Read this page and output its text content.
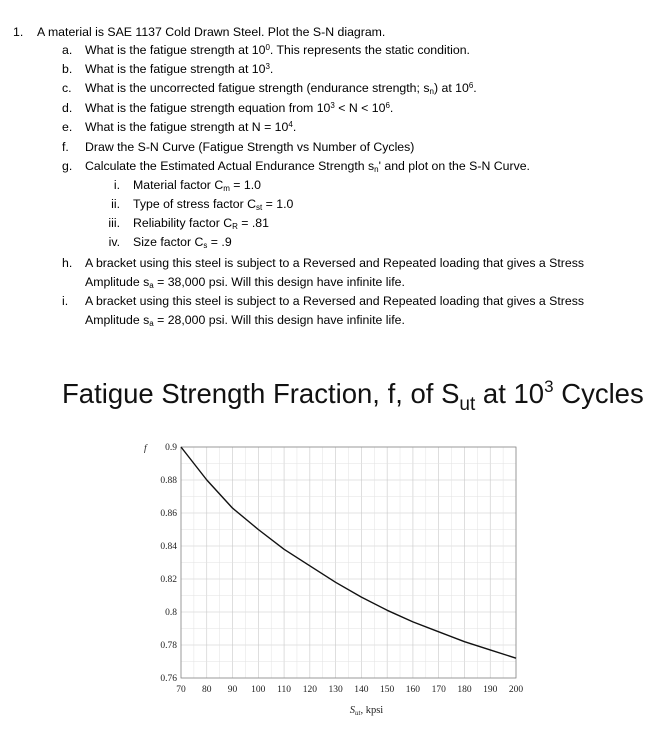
1. A material is SAE 1137 Cold Drawn Steel. Plot the S-N diagram.
a. What is the fatigue strength at $10^0$. This represents the static condition.
b. What is the fatigue strength at $10^3$.
c. What is the uncorrected fatigue strength (endurance strength; $s_n$) at $10^6$.
d. What is the fatigue strength equation from $10^3 < N < 10^6$.
e. What is the fatigue strength at $N = 10^4$.
f. Draw the S-N Curve (Fatigue Strength vs Number of Cycles)
g. Calculate the Estimated Actual Endurance Strength $s_n'$ and plot on the S-N Curve.
i. Material factor $C_m = 1.0$
ii. Type of stress factor $C_{st} = 1.0$
iii. Reliability factor $C_R = .81$
iv. Size factor $C_s = .9$
h. A bracket using this steel is subject to a Reversed and Repeated loading that gives a Stress
Amplitude $s_a = 38,000$ psi. Will this design have infinite life.
i. A bracket using this steel is subject to a Reversed and Repeated loading that gives a Stress
Amplitude $s_a = 28,000$ psi. Will this design have infinite life.
Fatigue Strength Fraction, f, of $S_{ut}$ at $10^3$ Cycles
70 80 90 100 110 120 130 140 150 160 170 180 190 200
0.76
0.78
0.8
0.82
0.84
0.86
0.88
0.9
f
Sut, kpsi
